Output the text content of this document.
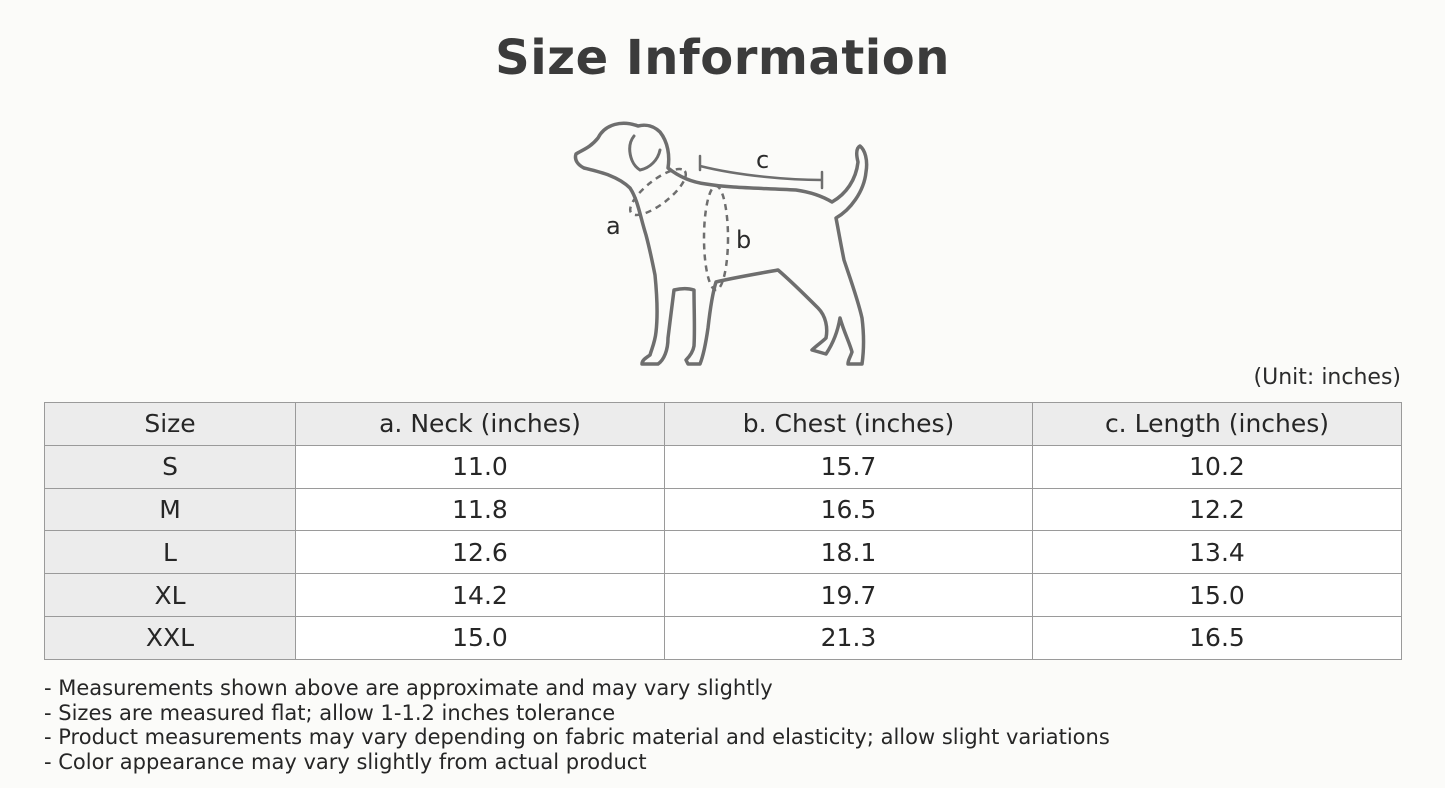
Size Information
a	b
c
(Unit: inches)
Size	a. Neck (inches)	b. Chest (inches)	c. Length (inches)
S	11.0	15.7	10.2
M	11.8	16.5	12.2
L	12.6	18.1	13.4
XL	14.2	19.7	15.0
XXL	15.0	21.3	16.5
- Measurements shown above are approximate and may vary slightly
- Sizes are measured flat; allow 1-1.2 inches tolerance
- Product measurements may vary depending on fabric material and elasticity; allow slight variations
- Color appearance may vary slightly from actual product
